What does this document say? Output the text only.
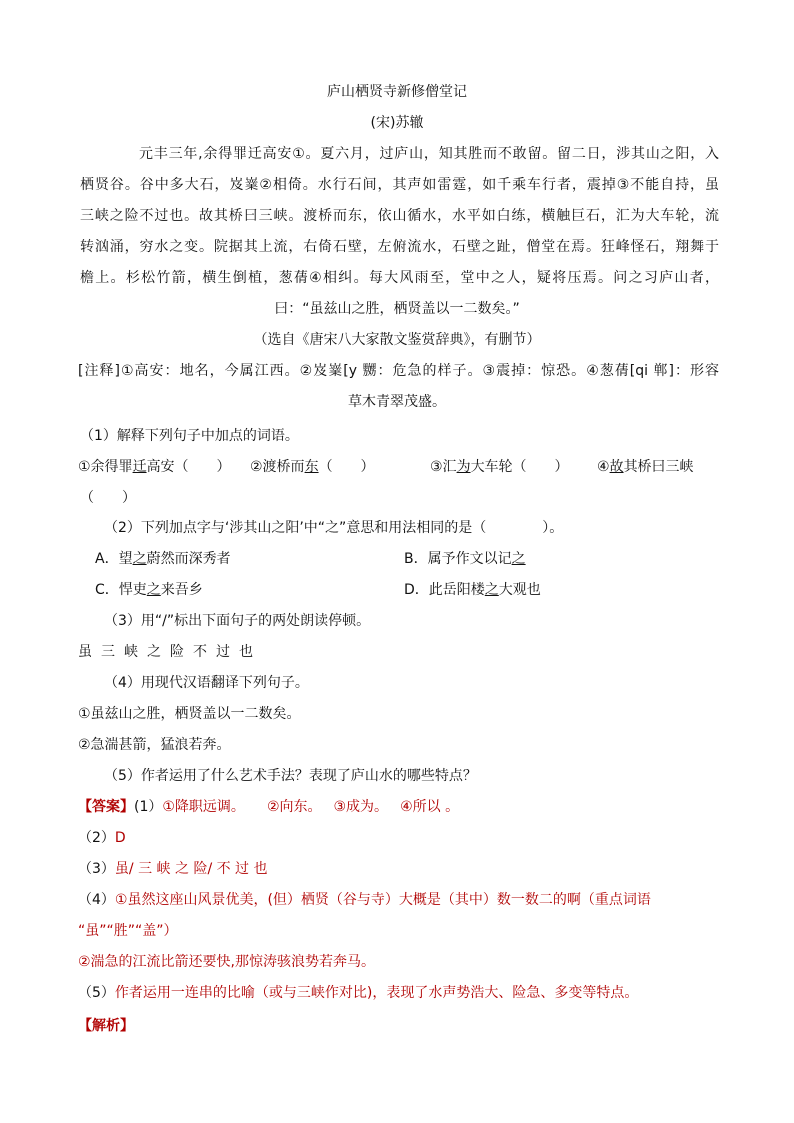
庐山栖贤寺新修僧堂记
(宋)苏辙
元丰三年,余得罪迁高安①。夏六月，过庐山，知其胜而不敢留。留二日，涉其山之阳，入
栖贤谷。谷中多大石，岌嶪②相倚。水行石间，其声如雷霆，如千乘车行者，震掉③不能自持，虽
三峡之险不过也。故其桥曰三峡。渡桥而东，依山循水，水平如白练，横触巨石，汇为大车轮，流
转汹涌，穷水之变。院据其上流，右倚石壁，左俯流水，石壁之趾，僧堂在焉。狂峰怪石，翔舞于
檐上。杉松竹箭，横生倒植，葱蒨④相纠。每大风雨至，堂中之人，疑将压焉。问之习庐山者，
曰：“虽兹山之胜，栖贤盖以一二数矣。”
（选自《唐宋八大家散文鉴赏辞典》，有删节）
[注释]①高安：地名，今属江西。②岌嶪[y 嬲：危急的样子。③震掉：惊恐。④葱蒨[qi 郸]：形容
草木青翠茂盛。
（1）解释下列句子中加点的词语。
①余得罪迁高安（　　） ②渡桥而东（　　）	③汇为大车轮（　　） ④故其桥曰三峡
（　　）
（2）下列加点字与‘涉其山之阳’中“之”意思和用法相同的是（　　　　）。
A．望之蔚然而深秀者	B．属予作文以记之
C．悍吏之来吾乡	D．此岳阳楼之大观也
（3）用“/”标出下面句子的两处朗读停顿。
虽三峡之险不过也
（4）用现代汉语翻译下列句子。
①虽兹山之胜，栖贤盖以一二数矣。
②急湍甚箭，猛浪若奔。
（5）作者运用了什么艺术手法？表现了庐山水的哪些特点？
【答案】(1）①降职远调。 ②向东。 ③成为。 ④所以 。
（2）D
（3）虽/ 三 峡 之 险/ 不 过 也
（4）①虽然这座山风景优美，(但）栖贤（谷与寺）大概是（其中）数一数二的啊（重点词语
“虽”“胜”“盖”）
②湍急的江流比箭还要快,那惊涛骇浪势若奔马。
（5）作者运用一连串的比喻（或与三峡作对比)，表现了水声势浩大、险急、多变等特点。
【解析】
